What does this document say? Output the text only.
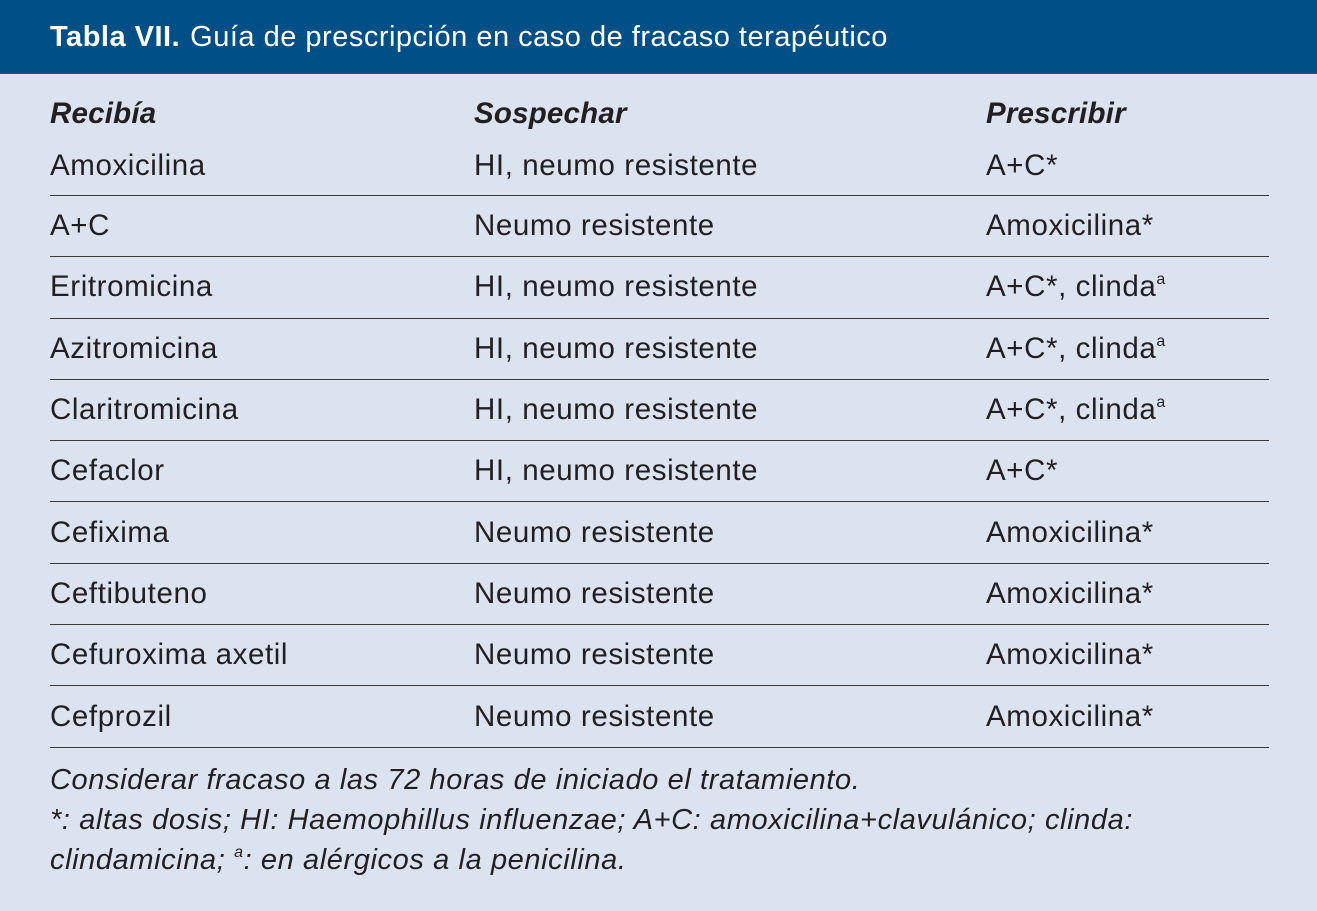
Tabla VII. Guía de prescripción en caso de fracaso terapéutico
Recibía	Sospechar	Prescribir
Amoxicilina	HI, neumo resistente	A+C*
A+C	Neumo resistente	Amoxicilina*
Eritromicina	HI, neumo resistente	A+C*, clinda$^a$
Azitromicina	HI, neumo resistente	A+C*, clinda$^a$
Claritromicina	HI, neumo resistente	A+C*, clinda$^a$
Cefaclor	HI, neumo resistente	A+C*
Cefixima	Neumo resistente	Amoxicilina*
Ceftibuteno	Neumo resistente	Amoxicilina*
Cefuroxima axetil	Neumo resistente	Amoxicilina*
Cefprozil	Neumo resistente	Amoxicilina*
Considerar fracaso a las 72 horas de iniciado el tratamiento.
*: altas dosis; HI: Haemophillus influenzae; A+C: amoxicilina+clavulánico; clinda:
clindamicina; $^a$: en alérgicos a la penicilina.
